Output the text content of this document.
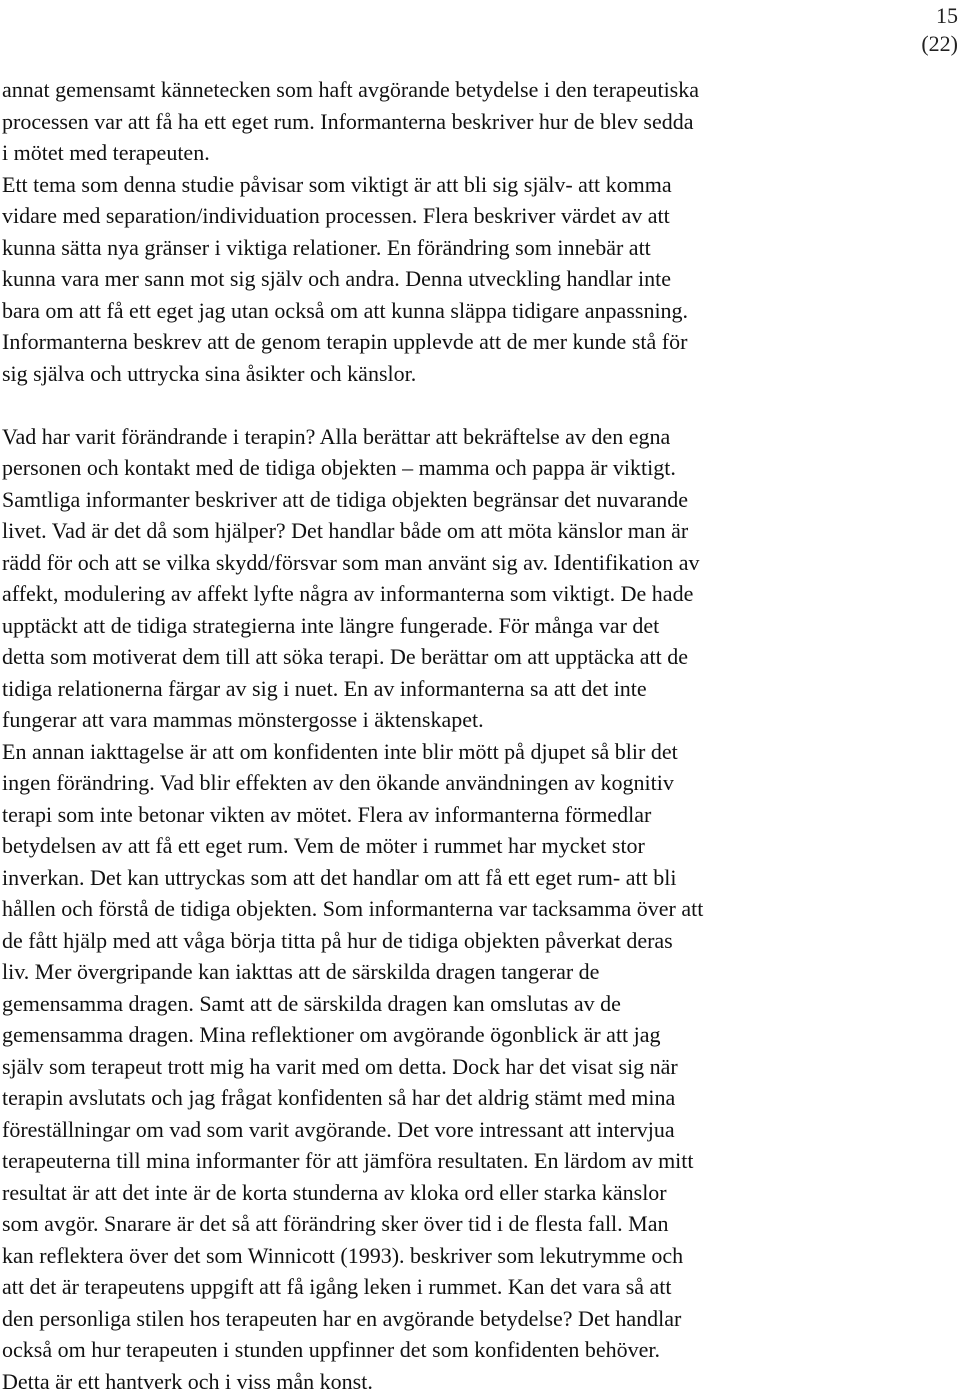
15
(22)

annat gemensamt kännetecken som haft avgörande betydelse i den terapeutiska
processen var att få ha ett eget rum. Informanterna beskriver hur de blev sedda
i mötet med terapeuten.
Ett tema som denna studie påvisar som viktigt är att bli sig själv- att komma
vidare med separation/individuation processen. Flera beskriver värdet av att
kunna sätta nya gränser i viktiga relationer. En förändring som innebär att
kunna vara mer sann mot sig själv och andra. Denna utveckling handlar inte
bara om att få ett eget jag utan också om att kunna släppa tidigare anpassning.
Informanterna beskrev att de genom terapin upplevde att de mer kunde stå för
sig själva och uttrycka sina åsikter och känslor.

Vad har varit förändrande i terapin? Alla berättar att bekräftelse av den egna
personen och kontakt med de tidiga objekten – mamma och pappa är viktigt.
Samtliga informanter beskriver att de tidiga objekten begränsar det nuvarande
livet. Vad är det då som hjälper? Det handlar både om att möta känslor man är
rädd för och att se vilka skydd/försvar som man använt sig av. Identifikation av
affekt, modulering av affekt lyfte några av informanterna som viktigt. De hade
upptäckt att de tidiga strategierna inte längre fungerade. För många var det
detta som motiverat dem till att söka terapi. De berättar om att upptäcka att de
tidiga relationerna färgar av sig i nuet. En av informanterna sa att det inte
fungerar att vara mammas mönstergosse i äktenskapet.
En annan iakttagelse är att om konfidenten inte blir mött på djupet så blir det
ingen förändring. Vad blir effekten av den ökande användningen av kognitiv
terapi som inte betonar vikten av mötet. Flera av informanterna förmedlar
betydelsen av att få ett eget rum. Vem de möter i rummet har mycket stor
inverkan. Det kan uttryckas som att det handlar om att få ett eget rum- att bli
hållen och förstå de tidiga objekten. Som informanterna var tacksamma över att
de fått hjälp med att våga börja titta på hur de tidiga objekten påverkat deras
liv. Mer övergripande kan iakttas att de särskilda dragen tangerar de
gemensamma dragen. Samt att de särskilda dragen kan omslutas av de
gemensamma dragen. Mina reflektioner om avgörande ögonblick är att jag
själv som terapeut trott mig ha varit med om detta. Dock har det visat sig när
terapin avslutats och jag frågat konfidenten så har det aldrig stämt med mina
föreställningar om vad som varit avgörande. Det vore intressant att intervjua
terapeuterna till mina informanter för att jämföra resultaten. En lärdom av mitt
resultat är att det inte är de korta stunderna av kloka ord eller starka känslor
som avgör. Snarare är det så att förändring sker över tid i de flesta fall. Man
kan reflektera över det som Winnicott (1993). beskriver som lekutrymme och
att det är terapeutens uppgift att få igång leken i rummet. Kan det vara så att
den personliga stilen hos terapeuten har en avgörande betydelse? Det handlar
också om hur terapeuten i stunden uppfinner det som konfidenten behöver.
Detta är ett hantverk och i viss mån konst.
